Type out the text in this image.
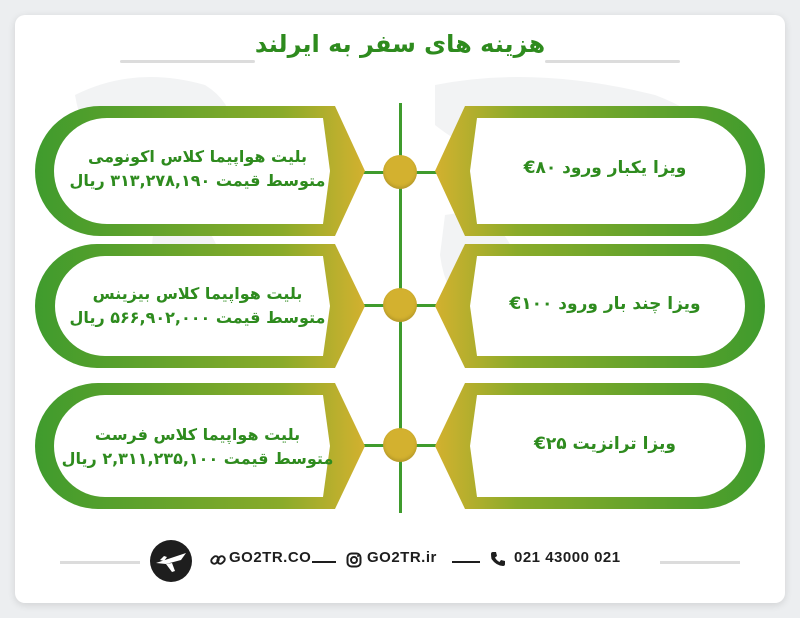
هزینه های سفر به ایرلند
بلیت هواپیما کلاس اکونومی
متوسط قیمت ۳۱۳,۲۷۸,۱۹۰ ریال
بلیت هواپیما کلاس بیزینس
متوسط قیمت ۵۶۶,۹۰۲,۰۰۰ ریال
بلیت هواپیما کلاس فرست
متوسط قیمت ۲,۳۱۱,۲۳۵,۱۰۰ ریال
ویزا یکبار ورود ۸۰€
ویزا چند بار ورود ۱۰۰€
ویزا ترانزیت ۲۵€
GO2TR.CO	GO2TR.ir	021 43000 021
